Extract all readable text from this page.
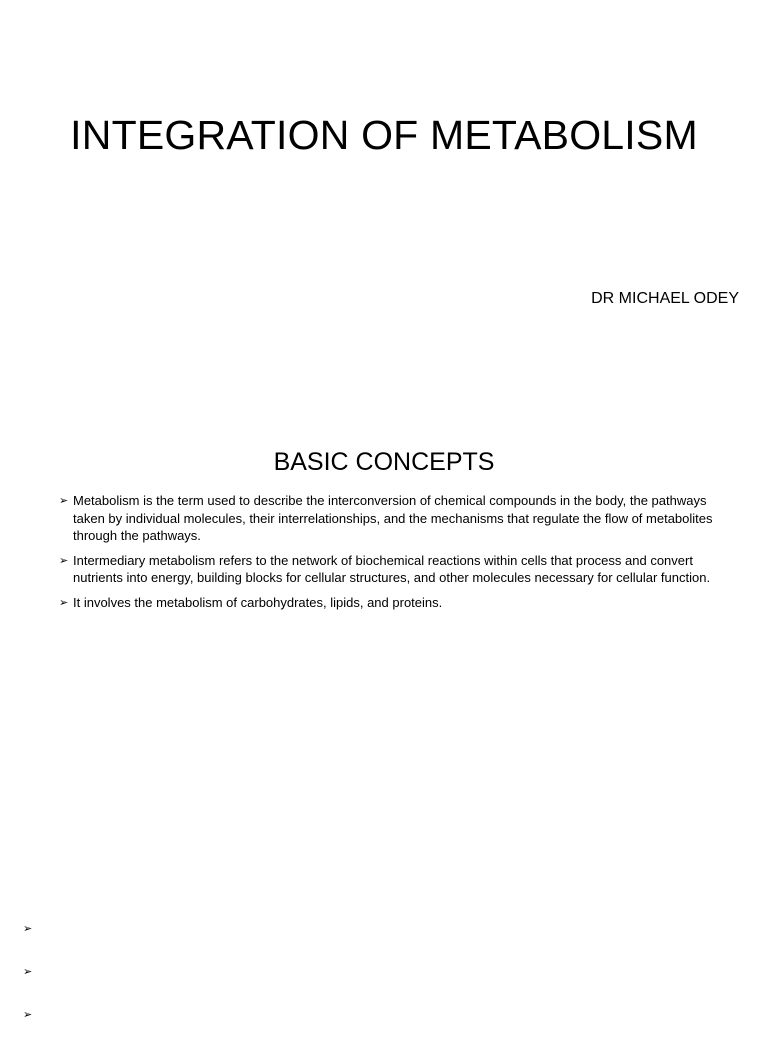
INTEGRATION OF METABOLISM

DR MICHAEL ODEY

BASIC CONCEPTS
➢ Metabolism is the term used to describe the interconversion of chemical compounds in the body, the pathways taken by individual molecules, their interrelationships, and the mechanisms that regulate the flow of metabolites through the pathways.
➢ Intermediary metabolism refers to the network of biochemical reactions within cells that process and convert nutrients into energy, building blocks for cellular structures, and other molecules necessary for cellular function.
➢ It involves the metabolism of carbohydrates, lipids, and proteins.
➢
➢
➢
